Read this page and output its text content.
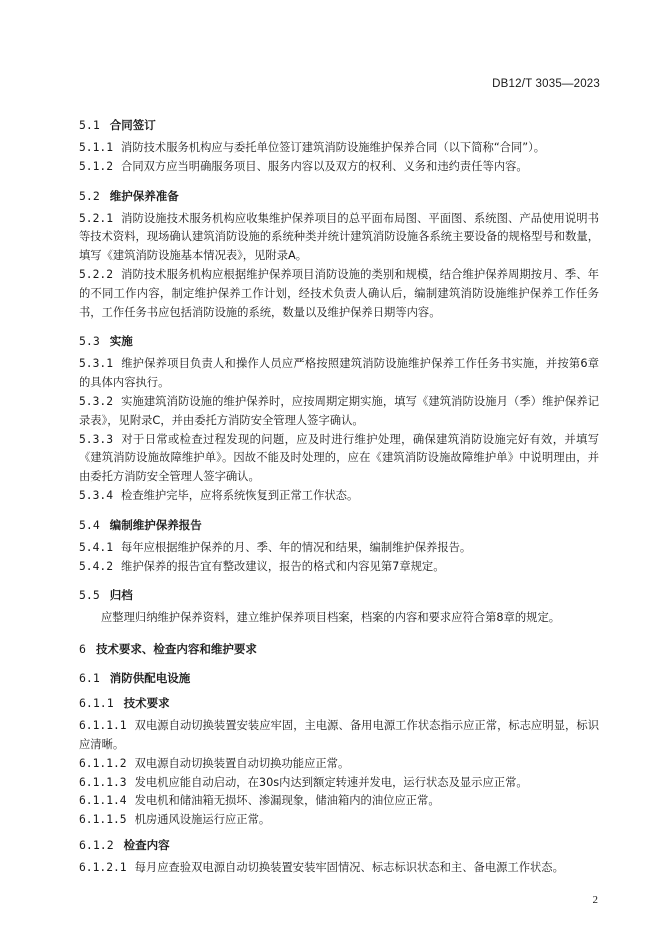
DB12/T 3035—2023
5.1 合同签订

5.1.1 消防技术服务机构应与委托单位签订建筑消防设施维护保养合同（以下简称“合同”）。

5.1.2 合同双方应当明确服务项目、服务内容以及双方的权利、义务和违约责任等内容。

5.2 维护保养准备

5.2.1 消防设施技术服务机构应收集维护保养项目的总平面布局图、平面图、系统图、产品使用说明书等技术资料，现场确认建筑消防设施的系统种类并统计建筑消防设施各系统主要设备的规格型号和数量，填写《建筑消防设施基本情况表》，见附录A。

5.2.2 消防技术服务机构应根据维护保养项目消防设施的类别和规模，结合维护保养周期按月、季、年的不同工作内容，制定维护保养工作计划，经技术负责人确认后，编制建筑消防设施维护保养工作任务书，工作任务书应包括消防设施的系统，数量以及维护保养日期等内容。

5.3 实施

5.3.1 维护保养项目负责人和操作人员应严格按照建筑消防设施维护保养工作任务书实施，并按第6章的具体内容执行。

5.3.2 实施建筑消防设施的维护保养时，应按周期定期实施，填写《建筑消防设施月（季）维护保养记录表》，见附录C，并由委托方消防安全管理人签字确认。

5.3.3 对于日常或检查过程发现的问题，应及时进行维护处理，确保建筑消防设施完好有效，并填写《建筑消防设施故障维护单》。因故不能及时处理的，应在《建筑消防设施故障维护单》中说明理由，并由委托方消防安全管理人签字确认。

5.3.4 检查维护完毕，应将系统恢复到正常工作状态。

5.4 编制维护保养报告

5.4.1 每年应根据维护保养的月、季、年的情况和结果，编制维护保养报告。

5.4.2 维护保养的报告宜有整改建议，报告的格式和内容见第7章规定。

5.5 归档

应整理归纳维护保养资料，建立维护保养项目档案，档案的内容和要求应符合第8章的规定。

6 技术要求、检查内容和维护要求
6.1 消防供配电设施
6.1.1 技术要求

6.1.1.1 双电源自动切换装置安装应牢固，主电源、备用电源工作状态指示应正常，标志应明显，标识应清晰。

6.1.1.2 双电源自动切换装置自动切换功能应正常。

6.1.1.3 发电机应能自动启动，在30s内达到额定转速并发电，运行状态及显示应正常。

6.1.1.4 发电机和储油箱无损坏、渗漏现象，储油箱内的油位应正常。

6.1.1.5 机房通风设施运行应正常。

6.1.2 检查内容

6.1.2.1 每月应查验双电源自动切换装置安装牢固情况、标志标识状态和主、备电源工作状态。

2
